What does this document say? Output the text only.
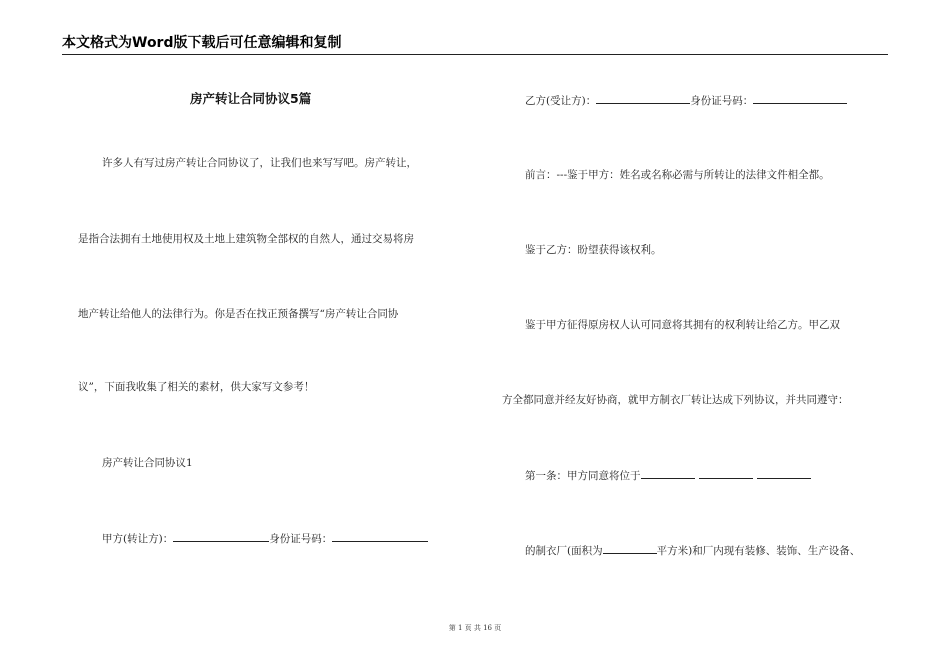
本文格式为Word版下载后可任意编辑和复制
房产转让合同协议5篇
许多人有写过房产转让合同协议了，让我们也来写写吧。房产转让，
是指合法拥有土地使用权及土地上建筑物全部权的自然人，通过交易将房
地产转让给他人的法律行为。你是否在找正预备撰写“房产转让合同协
议”，下面我收集了相关的素材，供大家写文参考！
房产转让合同协议1
甲方(转让方)：	身份证号码：
乙方(受让方)：	身份证号码：
前言：---鉴于甲方：姓名或名称必需与所转让的法律文件相全都。
鉴于乙方：盼望获得该权利。
鉴于甲方征得原房权人认可同意将其拥有的权利转让给乙方。甲乙双
方全都同意并经友好协商，就甲方制衣厂转让达成下列协议，并共同遵守：
第一条：甲方同意将位于
的制衣厂(面积为	平方米)和厂内现有装修、装饰、生产设备、
第 1 页 共 16 页
